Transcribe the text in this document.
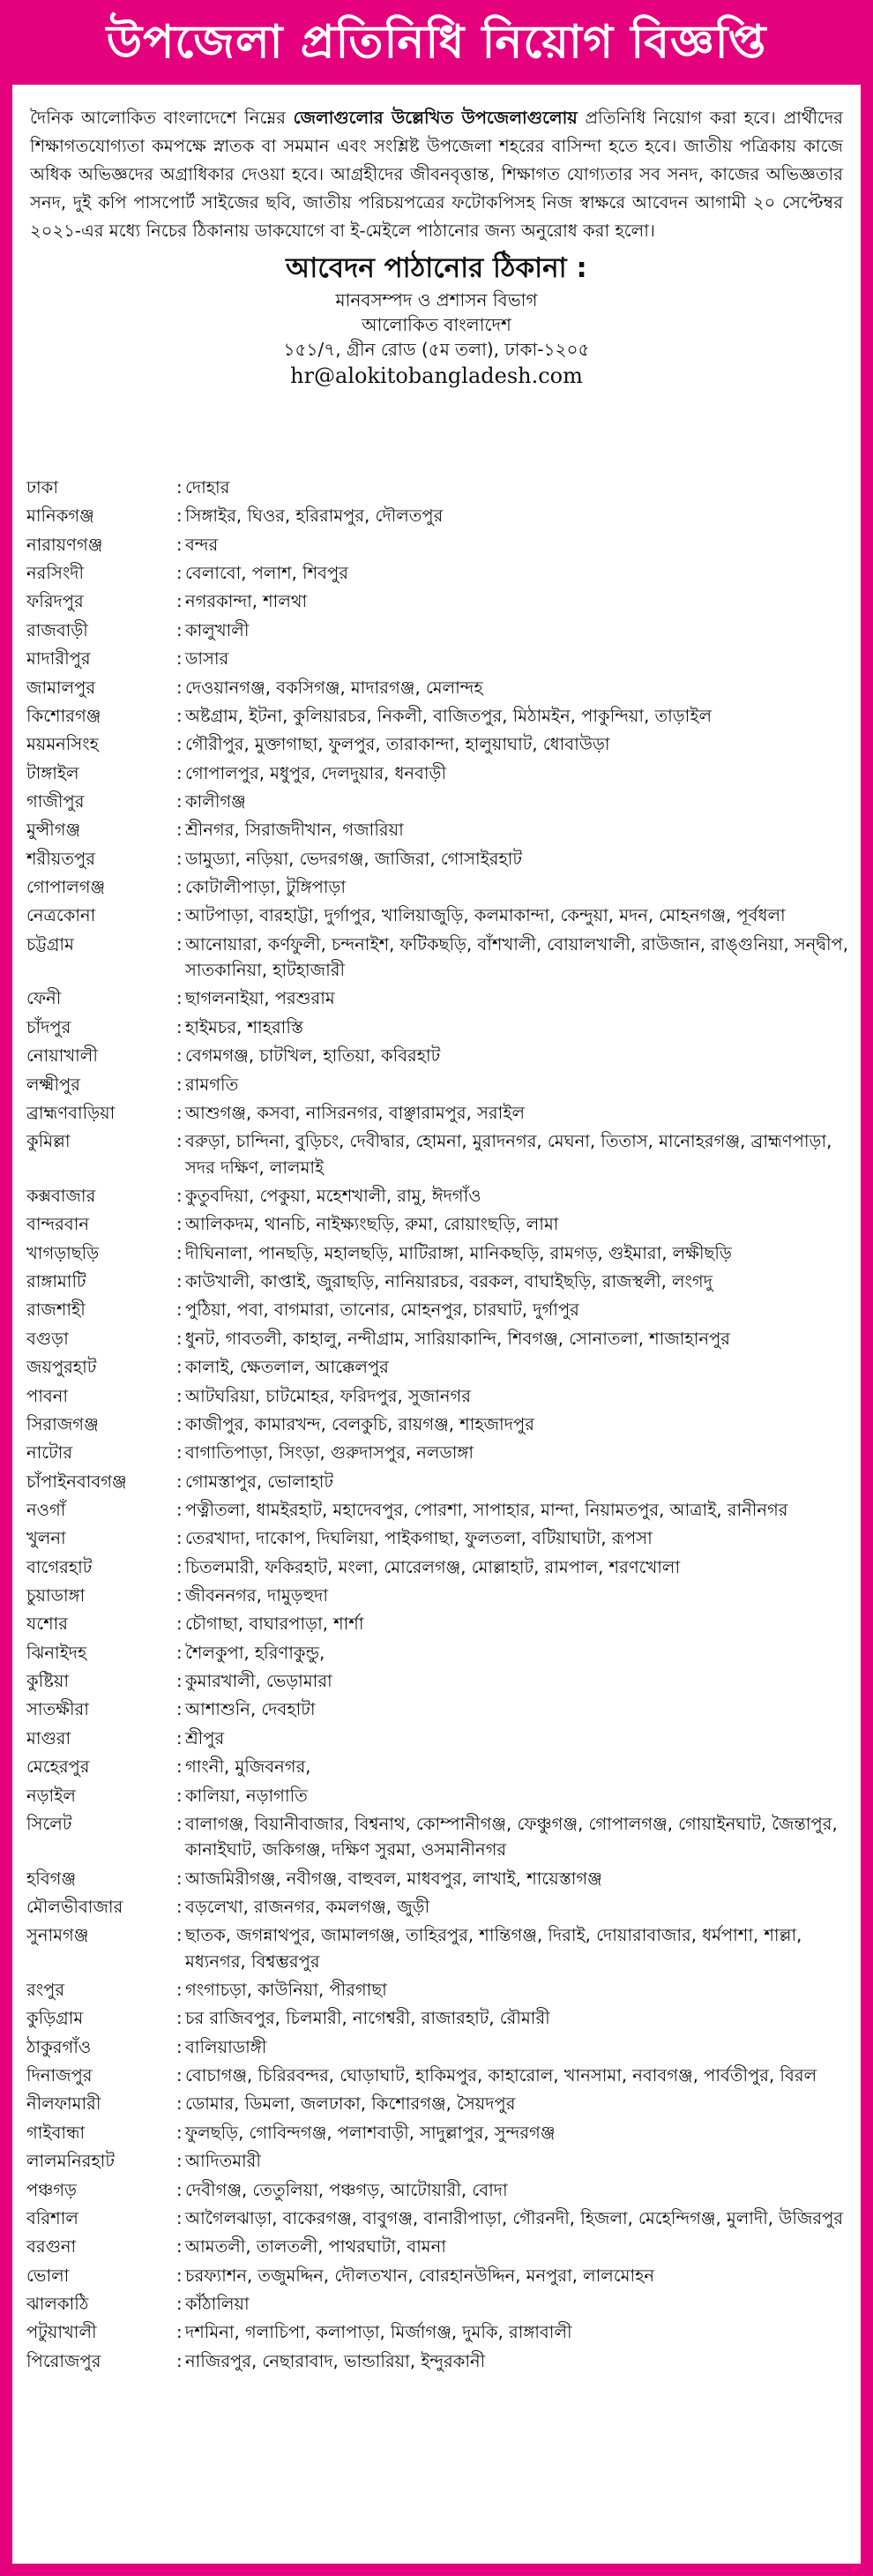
উপজেলা প্রতিনিধি নিয়োগ বিজ্ঞপ্তি
দৈনিক আলোকিত বাংলাদেশে নিম্নের জেলাগুলোর উল্লেখিত উপজেলাগুলোয় প্রতিনিধি নিয়োগ করা হবে। প্রার্থীদের শিক্ষাগতযোগ্যতা কমপক্ষে স্নাতক বা সমমান এবং সংশ্লিষ্ট উপজেলা শহরের বাসিন্দা হতে হবে। জাতীয় পত্রিকায় কাজে অধিক অভিজ্ঞদের অগ্রাধিকার দেওয়া হবে। আগ্রহীদের জীবনবৃত্তান্ত, শিক্ষাগত যোগ্যতার সব সনদ, কাজের অভিজ্ঞতার সনদ, দুই কপি পাসপোর্ট সাইজের ছবি, জাতীয় পরিচয়পত্রের ফটোকপিসহ নিজ স্বাক্ষরে আবেদন আগামী ২০ সেপ্টেম্বর ২০২১-এর মধ্যে নিচের ঠিকানায় ডাকযোগে বা ই-মেইলে পাঠানোর জন্য অনুরোধ করা হলো।
আবেদন পাঠানোর ঠিকানা :
মানবসম্পদ ও প্রশাসন বিভাগ
আলোকিত বাংলাদেশ
১৫১/৭, গ্রীন রোড (৫ম তলা), ঢাকা-১২০৫
hr@alokitobangladesh.com
ঢাকা	: দোহার
মানিকগঞ্জ	: সিঙ্গাইর, ঘিওর, হরিরামপুর, দৌলতপুর
নারায়ণগঞ্জ	: বন্দর
নরসিংদী	: বেলাবো, পলাশ, শিবপুর
ফরিদপুর	: নগরকান্দা, শালথা
রাজবাড়ী	: কালুখালী
মাদারীপুর	: ডাসার
জামালপুর	: দেওয়ানগঞ্জ, বকসিগঞ্জ, মাদারগঞ্জ, মেলান্দহ
কিশোরগঞ্জ	: অষ্টগ্রাম, ইটনা, কুলিয়ারচর, নিকলী, বাজিতপুর, মিঠামইন, পাকুন্দিয়া, তাড়াইল
ময়মনসিংহ	: গৌরীপুর, মুক্তাগাছা, ফুলপুর, তারাকান্দা, হালুয়াঘাট, ধোবাউড়া
টাঙ্গাইল	: গোপালপুর, মধুপুর, দেলদুয়ার, ধনবাড়ী
গাজীপুর	: কালীগঞ্জ
মুন্সীগঞ্জ	: শ্রীনগর, সিরাজদীখান, গজারিয়া
শরীয়তপুর	: ডামুড্যা, নড়িয়া, ভেদরগঞ্জ, জাজিরা, গোসাইরহাট
গোপালগঞ্জ	: কোটালীপাড়া, টুঙ্গিপাড়া
নেত্রকোনা	: আটপাড়া, বারহাট্টা, দুর্গাপুর, খালিয়াজুড়ি, কলমাকান্দা, কেন্দুয়া, মদন, মোহনগঞ্জ, পূর্বধলা
চট্টগ্রাম	: আনোয়ারা, কর্ণফুলী, চন্দনাইশ, ফটিকছড়ি, বাঁশখালী, বোয়ালখালী, রাউজান, রাঙ্গুনিয়া, সন্দ্বীপ, সাতকানিয়া, হাটহাজারী
ফেনী	: ছাগলনাইয়া, পরশুরাম
চাঁদপুর	: হাইমচর, শাহরাস্তি
নোয়াখালী	: বেগমগঞ্জ, চাটখিল, হাতিয়া, কবিরহাট
লক্ষ্মীপুর	: রামগতি
ব্রাহ্মণবাড়িয়া	: আশুগঞ্জ, কসবা, নাসিরনগর, বাঞ্ছারামপুর, সরাইল
কুমিল্লা	: বরুড়া, চান্দিনা, বুড়িচং, দেবীদ্বার, হোমনা, মুরাদনগর, মেঘনা, তিতাস, মানোহরগঞ্জ, ব্রাহ্মণপাড়া, সদর দক্ষিণ, লালমাই
কক্সবাজার	: কুতুবদিয়া, পেকুয়া, মহেশখালী, রামু, ঈদগাঁও
বান্দরবান	: আলিকদম, থানচি, নাইক্ষ্যংছড়ি, রুমা, রোয়াংছড়ি, লামা
খাগড়াছড়ি	: দীঘিনালা, পানছড়ি, মহালছড়ি, মাটিরাঙ্গা, মানিকছড়ি, রামগড়, গুইমারা, লক্ষীছড়ি
রাঙ্গামাটি	: কাউখালী, কাপ্তাই, জুরাছড়ি, নানিয়ারচর, বরকল, বাঘাইছড়ি, রাজস্থলী, লংগদু
রাজশাহী	: পুঠিয়া, পবা, বাগমারা, তানোর, মোহনপুর, চারঘাট, দুর্গাপুর
বগুড়া	: ধুনট, গাবতলী, কাহালু, নন্দীগ্রাম, সারিয়াকান্দি, শিবগঞ্জ, সোনাতলা, শাজাহানপুর
জয়পুরহাট	: কালাই, ক্ষেতলাল, আক্কেলপুর
পাবনা	: আটঘরিয়া, চাটমোহর, ফরিদপুর, সুজানগর
সিরাজগঞ্জ	: কাজীপুর, কামারখন্দ, বেলকুচি, রায়গঞ্জ, শাহজাদপুর
নাটোর	: বাগাতিপাড়া, সিংড়া, গুরুদাসপুর, নলডাঙ্গা
চাঁপাইনবাবগঞ্জ	: গোমস্তাপুর, ভোলাহাট
নওগাঁ	: পত্নীতলা, ধামইরহাট, মহাদেবপুর, পোরশা, সাপাহার, মান্দা, নিয়ামতপুর, আত্রাই, রানীনগর
খুলনা	: তেরখাদা, দাকোপ, দিঘলিয়া, পাইকগাছা, ফুলতলা, বটিয়াঘাটা, রূপসা
বাগেরহাট	: চিতলমারী, ফকিরহাট, মংলা, মোরেলগঞ্জ, মোল্লাহাট, রামপাল, শরণখোলা
চুয়াডাঙ্গা	: জীবননগর, দামুড়হুদা
যশোর	: চৌগাছা, বাঘারপাড়া, শার্শা
ঝিনাইদহ	: শৈলকুপা, হরিণাকুন্ডু,
কুষ্টিয়া	: কুমারখালী, ভেড়ামারা
সাতক্ষীরা	: আশাশুনি, দেবহাটা
মাগুরা	: শ্রীপুর
মেহেরপুর	: গাংনী, মুজিবনগর,
নড়াইল	: কালিয়া, নড়াগাতি
সিলেট	: বালাগঞ্জ, বিয়ানীবাজার, বিশ্বনাথ, কোম্পানীগঞ্জ, ফেঞ্চুগঞ্জ, গোপালগঞ্জ, গোয়াইনঘাট, জৈন্তাপুর, কানাইঘাট, জকিগঞ্জ, দক্ষিণ সুরমা, ওসমানীনগর
হবিগঞ্জ	: আজমিরীগঞ্জ, নবীগঞ্জ, বাহুবল, মাধবপুর, লাখাই, শায়েস্তাগঞ্জ
মৌলভীবাজার	: বড়লেখা, রাজনগর, কমলগঞ্জ, জুড়ী
সুনামগঞ্জ	: ছাতক, জগন্নাথপুর, জামালগঞ্জ, তাহিরপুর, শান্তিগঞ্জ, দিরাই, দোয়ারাবাজার, ধর্মপাশা, শাল্লা, মধ্যনগর, বিশ্বম্ভরপুর
রংপুর	: গংগাচড়া, কাউনিয়া, পীরগাছা
কুড়িগ্রাম	: চর রাজিবপুর, চিলমারী, নাগেশ্বরী, রাজারহাট, রৌমারী
ঠাকুরগাঁও	: বালিয়াডাঙ্গী
দিনাজপুর	: বোচাগঞ্জ, চিরিরবন্দর, ঘোড়াঘাট, হাকিমপুর, কাহারোল, খানসামা, নবাবগঞ্জ, পার্বতীপুর, বিরল
নীলফামারী	: ডোমার, ডিমলা, জলঢাকা, কিশোরগঞ্জ, সৈয়দপুর
গাইবান্ধা	: ফুলছড়ি, গোবিন্দগঞ্জ, পলাশবাড়ী, সাদুল্লাপুর, সুন্দরগঞ্জ
লালমনিরহাট	: আদিতমারী
পঞ্চগড়	: দেবীগঞ্জ, তেতুলিয়া, পঞ্চগড়, আটোয়ারী, বোদা
বরিশাল	: আগৈলঝাড়া, বাকেরগঞ্জ, বাবুগঞ্জ, বানারীপাড়া, গৌরনদী, হিজলা, মেহেন্দিগঞ্জ, মুলাদী, উজিরপুর
বরগুনা	: আমতলী, তালতলী, পাথরঘাটা, বামনা
ভোলা	: চরফ্যাশন, তজুমদ্দিন, দৌলতখান, বোরহানউদ্দিন, মনপুরা, লালমোহন
ঝালকাঠি	: কাঁঠালিয়া
পটুয়াখালী	: দশমিনা, গলাচিপা, কলাপাড়া, মির্জাগঞ্জ, দুমকি, রাঙ্গাবালী
পিরোজপুর	: নাজিরপুর, নেছারাবাদ, ভান্ডারিয়া, ইন্দুরকানী
